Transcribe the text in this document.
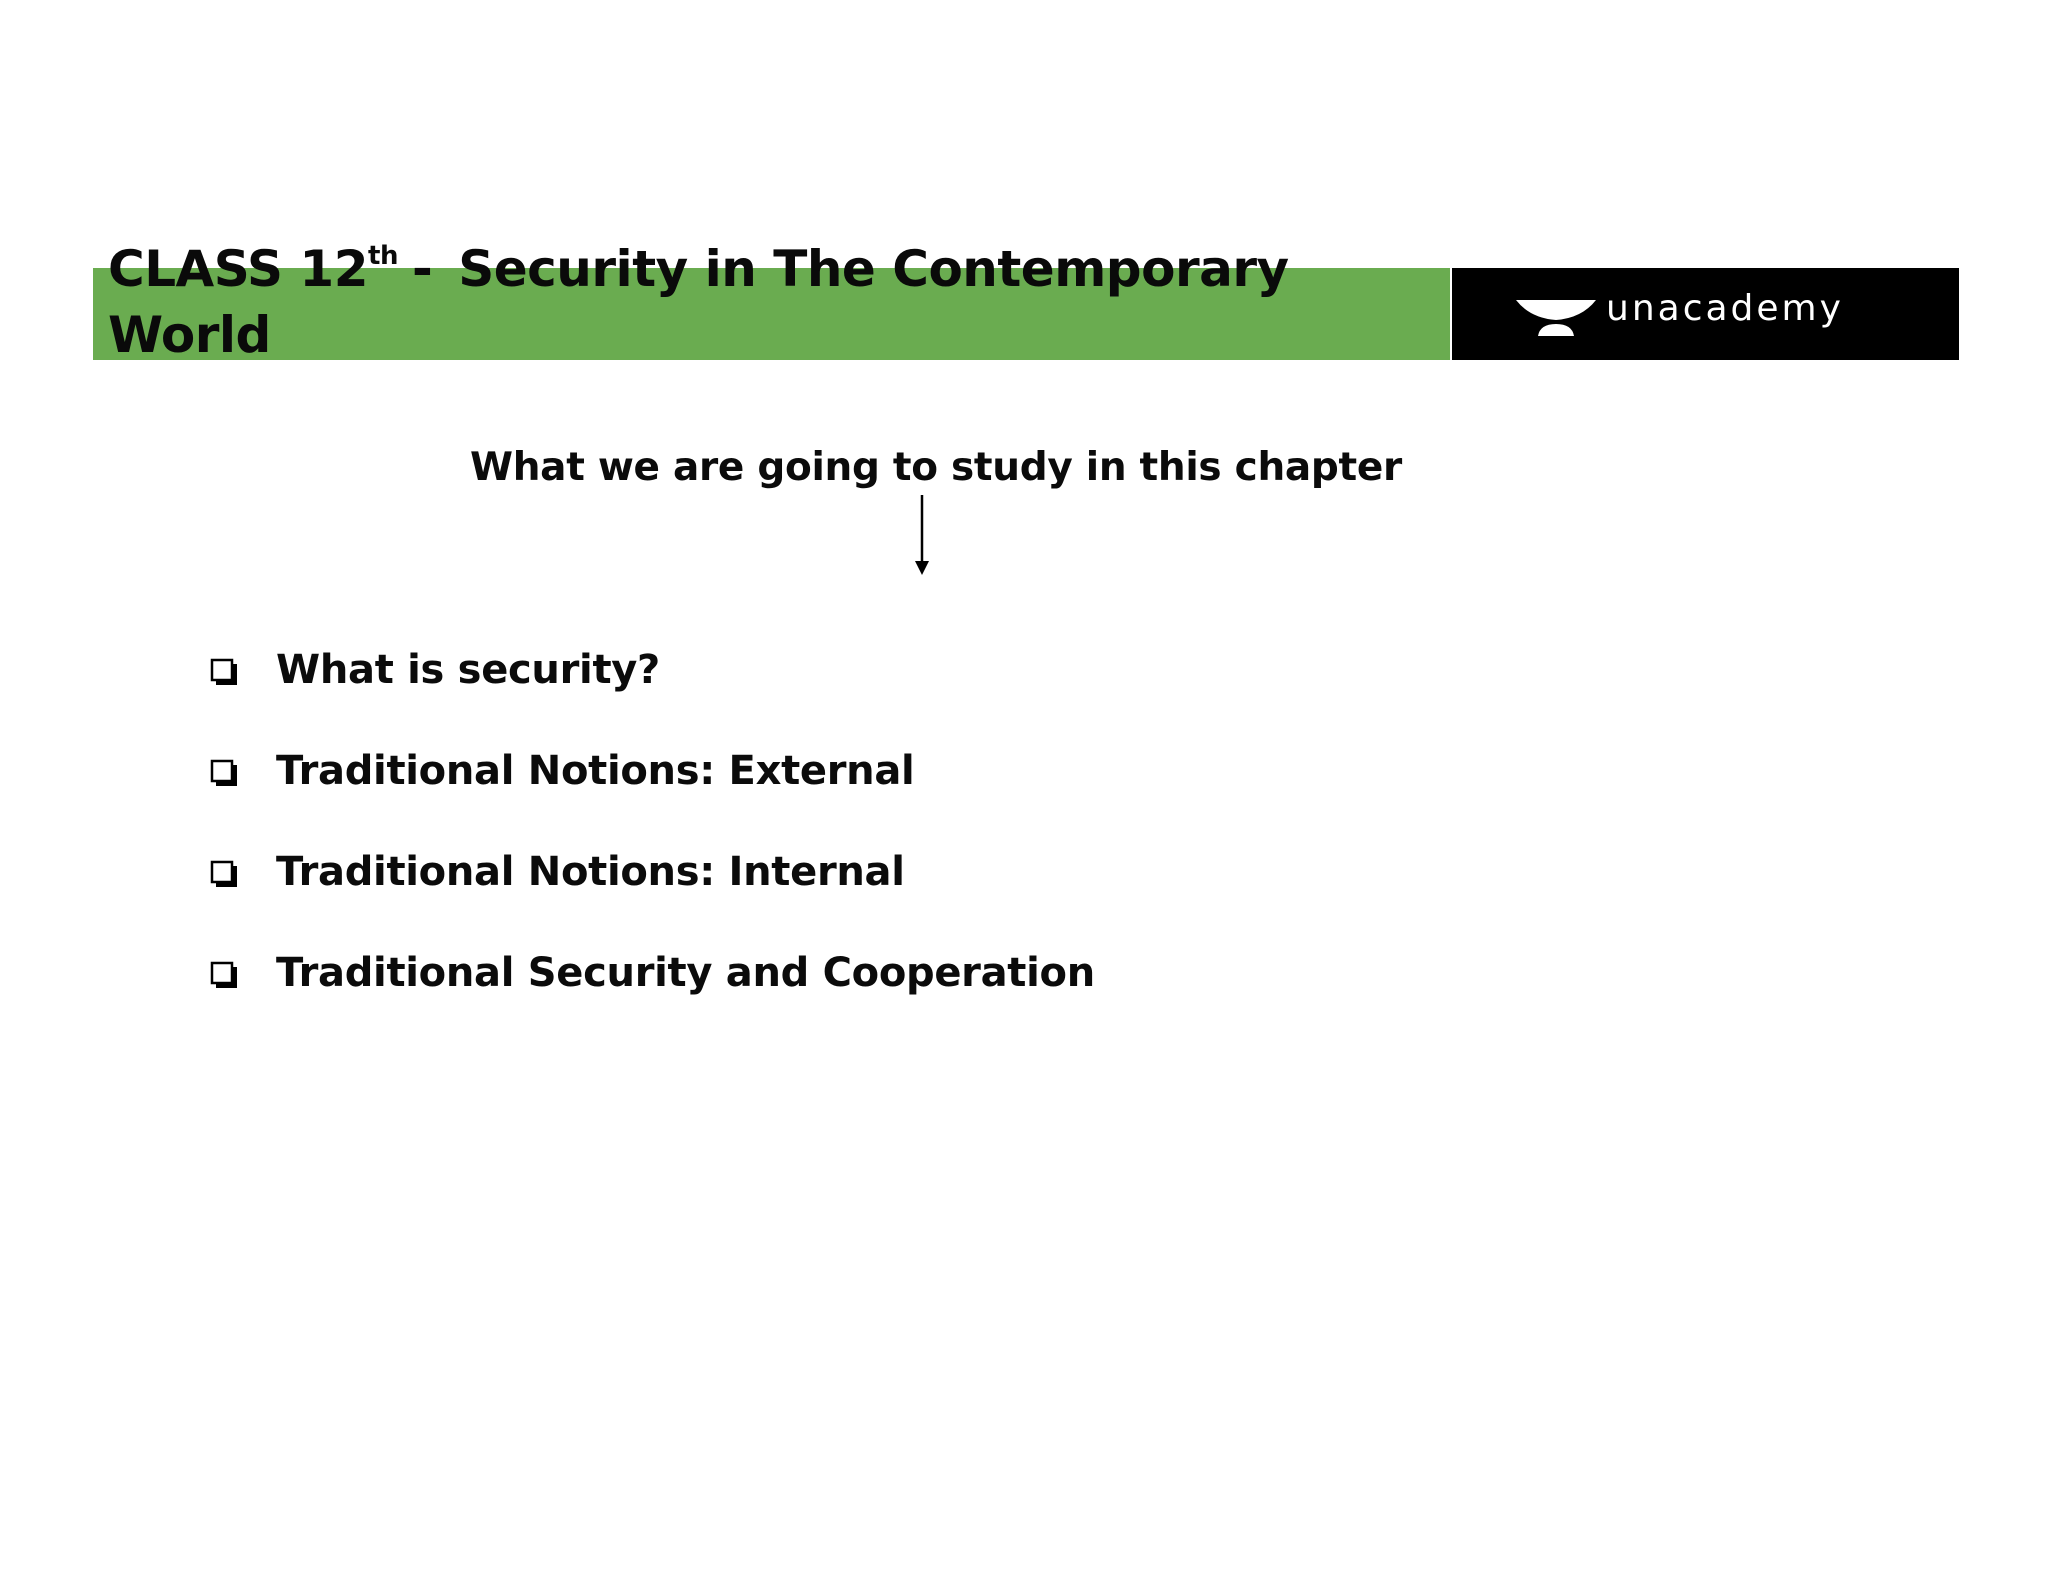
CLASS 12th - Security in The Contemporary
World	unacademy
What we are going to study in this chapter
What is security?
Traditional Notions: External
Traditional Notions: Internal
Traditional Security and Cooperation
